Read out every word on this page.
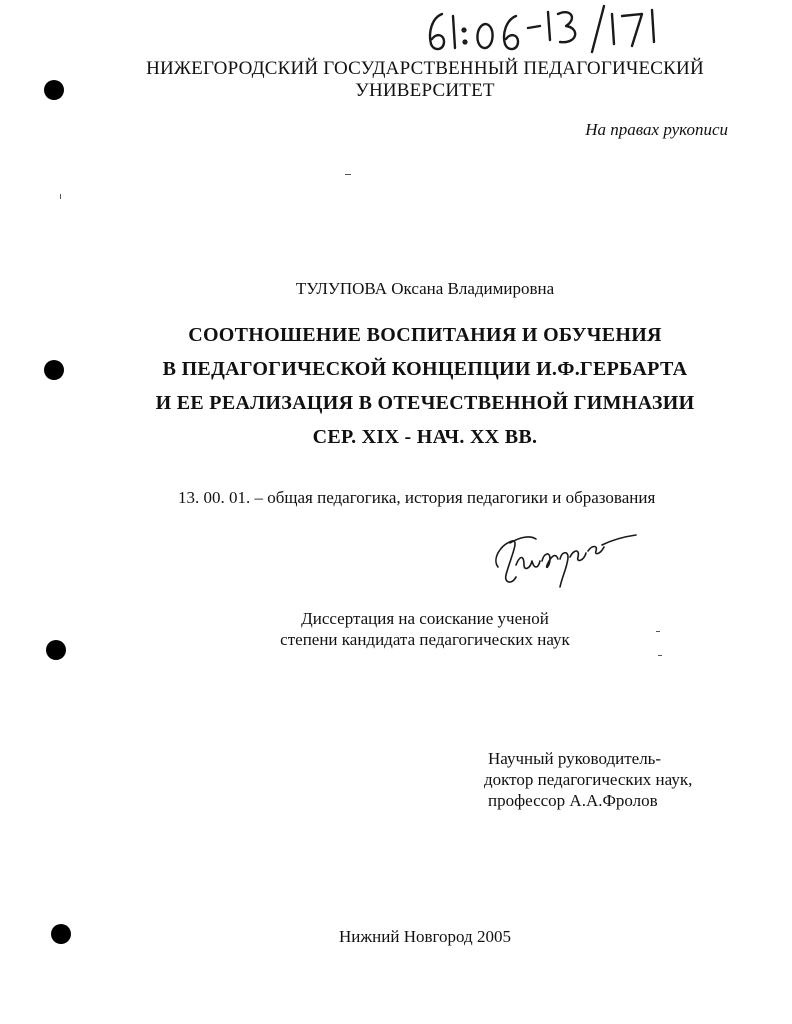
НИЖЕГОРОДСКИЙ ГОСУДАРСТВЕННЫЙ ПЕДАГОГИЧЕСКИЙ
УНИВЕРСИТЕТ
На правах рукописи
ТУЛУПОВА Оксана Владимировна
СООТНОШЕНИЕ ВОСПИТАНИЯ И ОБУЧЕНИЯ
В ПЕДАГОГИЧЕСКОЙ КОНЦЕПЦИИ И.Ф.ГЕРБАРТА
И ЕЕ РЕАЛИЗАЦИЯ В ОТЕЧЕСТВЕННОЙ ГИМНАЗИИ
СЕР. XIX - НАЧ. XX ВВ.
13. 00. 01. – общая педагогика, история педагогики и образования
Диссертация на соискание ученой
степени кандидата педагогических наук
Научный руководитель-
доктор педагогических наук,
профессор А.А.Фролов
Нижний Новгород 2005
